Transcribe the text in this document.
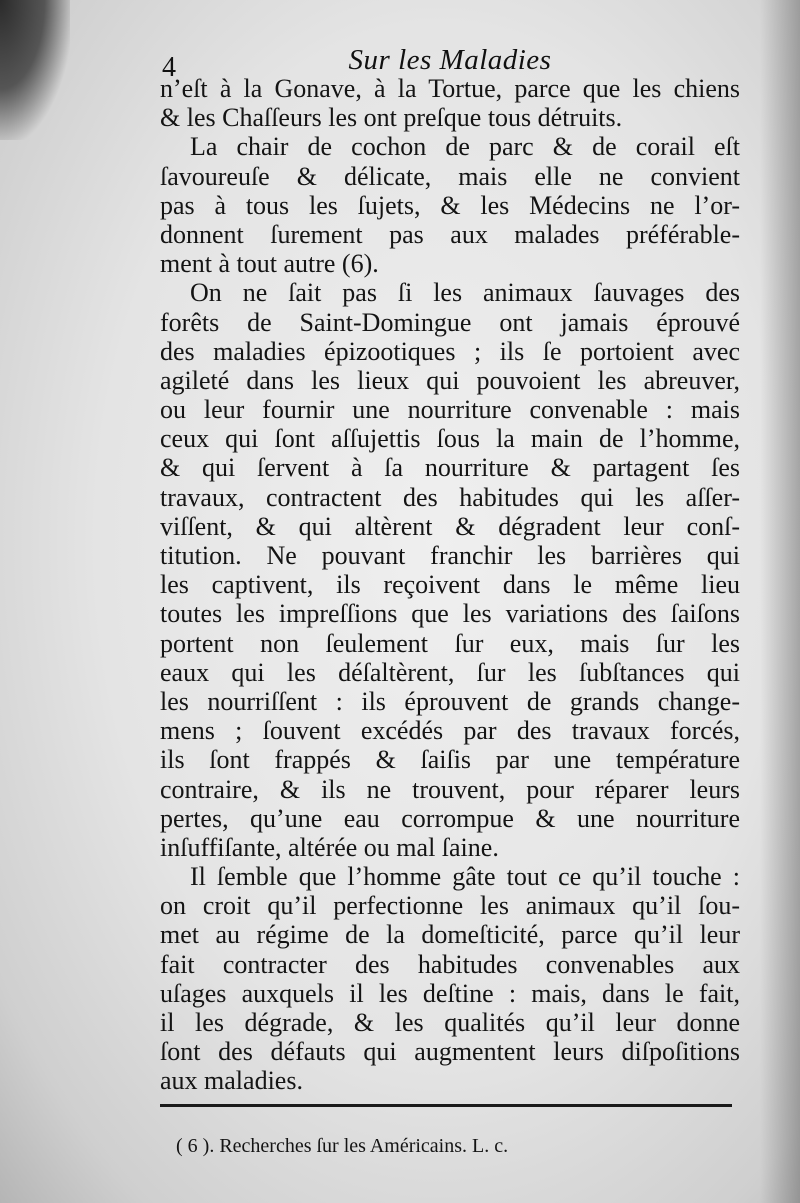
4	Sur les Maladies
n’eſt à la Gonave, à la Tortue, parce que les chiens
& les Chaſſeurs les ont preſque tous détruits.
La chair de cochon de parc & de corail eſt
ſavoureuſe & délicate, mais elle ne convient
pas à tous les ſujets, & les Médecins ne l’or-
donnent ſurement pas aux malades préférable-
ment à tout autre (6).
On ne ſait pas ſi les animaux ſauvages des
forêts de Saint-Domingue ont jamais éprouvé
des maladies épizootiques ; ils ſe portoient avec
agileté dans les lieux qui pouvoient les abreuver,
ou leur fournir une nourriture convenable : mais
ceux qui ſont aſſujettis ſous la main de l’homme,
& qui ſervent à ſa nourriture & partagent ſes
travaux, contractent des habitudes qui les aſſer-
viſſent, & qui altèrent & dégradent leur conſ-
titution. Ne pouvant franchir les barrières qui
les captivent, ils reçoivent dans le même lieu
toutes les impreſſions que les variations des ſaiſons
portent non ſeulement ſur eux, mais ſur les
eaux qui les déſaltèrent, ſur les ſubſtances qui
les nourriſſent : ils éprouvent de grands change-
mens ; ſouvent excédés par des travaux forcés,
ils ſont frappés & ſaiſis par une température
contraire, & ils ne trouvent, pour réparer leurs
pertes, qu’une eau corrompue & une nourriture
inſuffiſante, altérée ou mal ſaine.
Il ſemble que l’homme gâte tout ce qu’il touche :
on croit qu’il perfectionne les animaux qu’il ſou-
met au régime de la domeſticité, parce qu’il leur
fait contracter des habitudes convenables aux
uſages auxquels il les deſtine : mais, dans le fait,
il les dégrade, & les qualités qu’il leur donne
ſont des défauts qui augmentent leurs diſpoſitions
aux maladies.
( 6 ). Recherches ſur les Américains. L. c.
